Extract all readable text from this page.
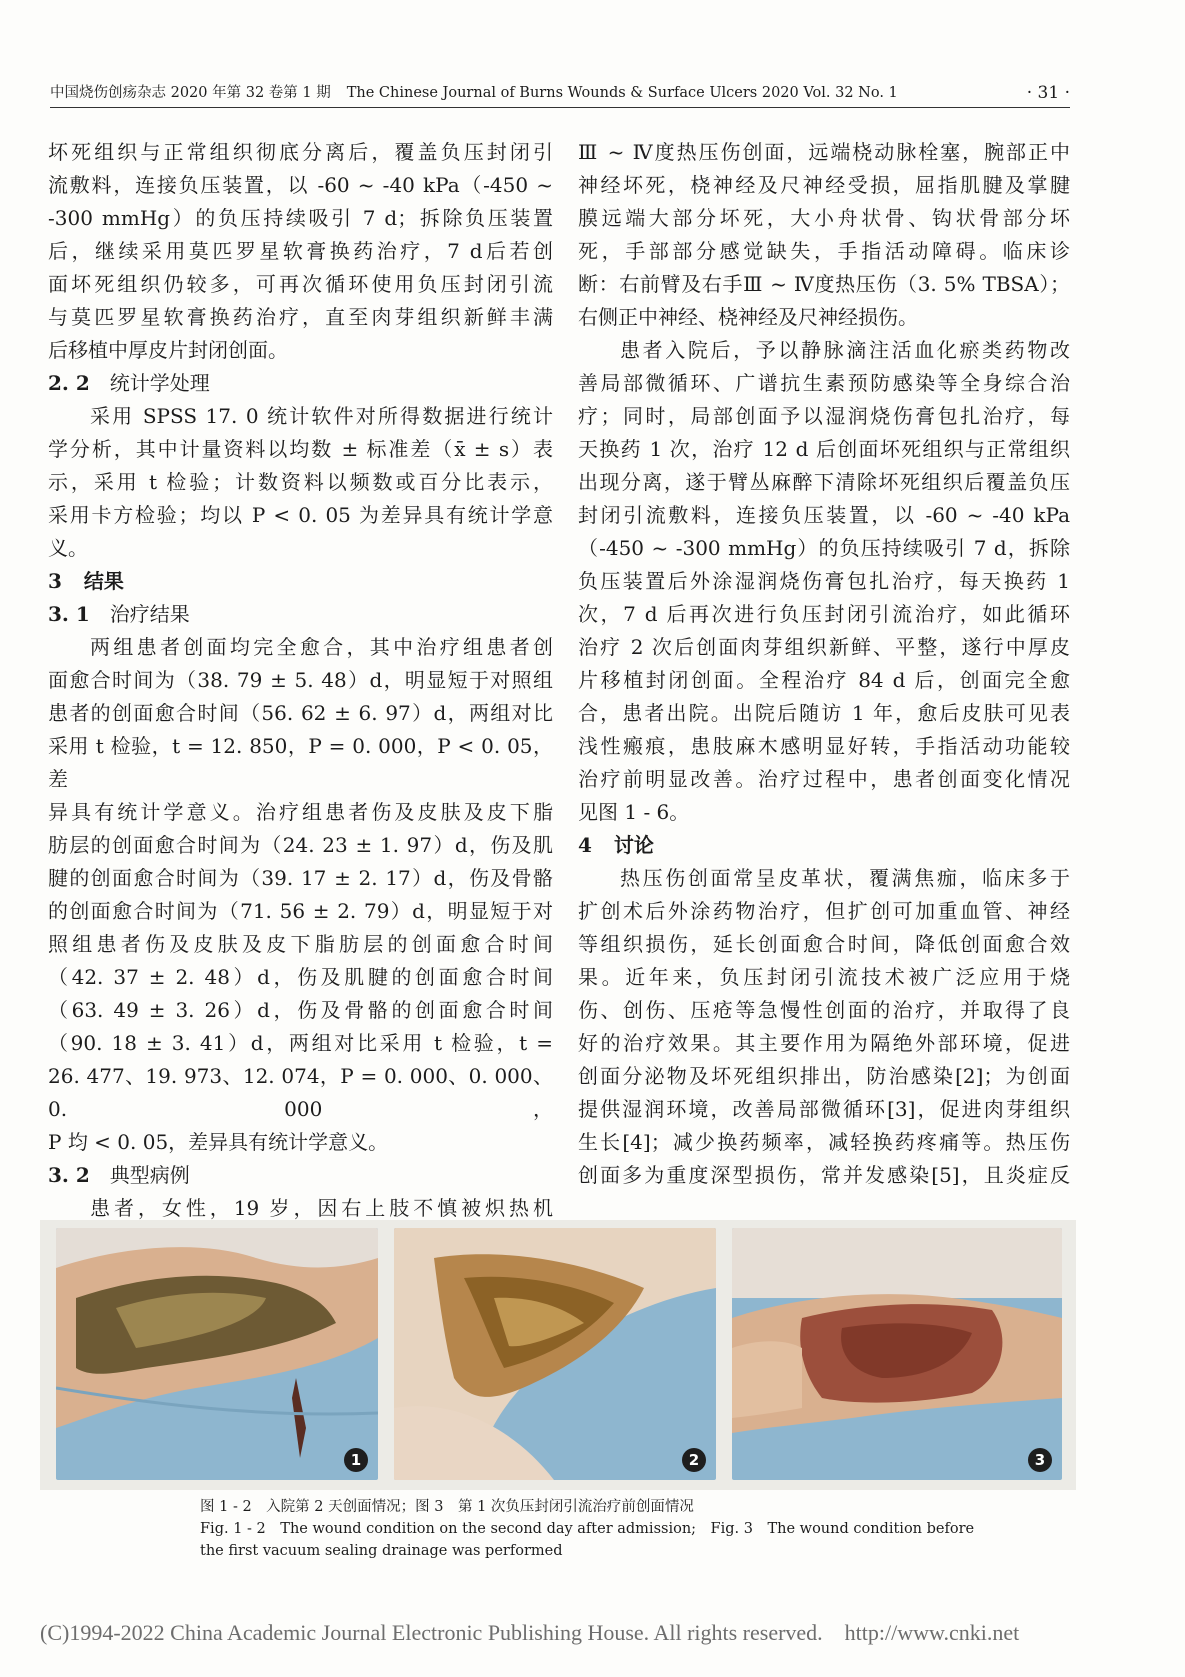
中国烧伤创疡杂志 2020 年第 32 卷第 1 期 The Chinese Journal of Burns Wounds & Surface Ulcers 2020 Vol. 32 No. 1	· 31 ·

坏死组织与正常组织彻底分离后，覆盖负压封闭引

流敷料，连接负压装置，以 -60 ~ -40 kPa（-450 ~

-300 mmHg）的负压持续吸引 7 d；拆除负压装置

后，继续采用莫匹罗星软膏换药治疗，7 d后若创

面坏死组织仍较多，可再次循环使用负压封闭引流

与莫匹罗星软膏换药治疗，直至肉芽组织新鲜丰满

后移植中厚皮片封闭创面。

2. 2 统计学处理

采用 SPSS 17. 0 统计软件对所得数据进行统计

学分析，其中计量资料以均数 ± 标准差（x̄ ± s）表

示，采用 t 检验；计数资料以频数或百分比表示，

采用卡方检验；均以 P < 0. 05 为差异具有统计学意义。

3 结果
3. 1 治疗结果

两组患者创面均完全愈合，其中治疗组患者创

面愈合时间为（38. 79 ± 5. 48）d，明显短于对照组

患者的创面愈合时间（56. 62 ± 6. 97）d，两组对比

采用 t 检验，t = 12. 850，P = 0. 000，P < 0. 05，差

异具有统计学意义。治疗组患者伤及皮肤及皮下脂

肪层的创面愈合时间为（24. 23 ± 1. 97）d，伤及肌

腱的创面愈合时间为（39. 17 ± 2. 17）d，伤及骨骼

的创面愈合时间为（71. 56 ± 2. 79）d，明显短于对

照组患者伤及皮肤及皮下脂肪层的创面愈合时间

（42. 37 ± 2. 48）d，伤及肌腱的创面愈合时间

（63. 49 ± 3. 26）d，伤及骨骼的创面愈合时间

（90. 18 ± 3. 41）d，两组对比采用 t 检验，t =

26. 477、19. 973、12. 074，P = 0. 000、0. 000、0. 000，

P 均 < 0. 05，差异具有统计学意义。

3. 2 典型病例

患者，女性，19 岁，因右上肢不慎被炽热机

Ⅲ ~ Ⅳ度热压伤创面，远端桡动脉栓塞，腕部正中

神经坏死，桡神经及尺神经受损，屈指肌腱及掌腱

膜远端大部分坏死，大小舟状骨、钩状骨部分坏

死，手部部分感觉缺失，手指活动障碍。临床诊

断：右前臂及右手Ⅲ ~ Ⅳ度热压伤（3. 5% TBSA）；

右侧正中神经、桡神经及尺神经损伤。

患者入院后，予以静脉滴注活血化瘀类药物改

善局部微循环、广谱抗生素预防感染等全身综合治

疗；同时，局部创面予以湿润烧伤膏包扎治疗，每

天换药 1 次，治疗 12 d 后创面坏死组织与正常组织

出现分离，遂于臂丛麻醉下清除坏死组织后覆盖负压

封闭引流敷料，连接负压装置，以 -60 ~ -40 kPa

（-450 ~ -300 mmHg）的负压持续吸引 7 d，拆除

负压装置后外涂湿润烧伤膏包扎治疗，每天换药 1

次，7 d 后再次进行负压封闭引流治疗，如此循环

治疗 2 次后创面肉芽组织新鲜、平整，遂行中厚皮

片移植封闭创面。全程治疗 84 d 后，创面完全愈

合，患者出院。出院后随访 1 年，愈后皮肤可见表

浅性瘢痕，患肢麻木感明显好转，手指活动功能较

治疗前明显改善。治疗过程中，患者创面变化情况

见图 1 - 6。

4 讨论

热压伤创面常呈皮革状，覆满焦痂，临床多于

扩创术后外涂药物治疗，但扩创可加重血管、神经

等组织损伤，延长创面愈合时间，降低创面愈合效

果。近年来，负压封闭引流技术被广泛应用于烧

伤、创伤、压疮等急慢性创面的治疗，并取得了良

好的治疗效果。其主要作用为隔绝外部环境，促进

创面分泌物及坏死组织排出，防治感染[2]；为创面

提供湿润环境，改善局部微循环[3]，促进肉芽组织

生长[4]；减少换药频率，减轻换药疼痛等。热压伤

创面多为重度深型损伤，常并发感染[5]，且炎症反

1	2	3
图 1 - 2　入院第 2 天创面情况；图 3　第 1 次负压封闭引流治疗前创面情况
Fig. 1 - 2　The wound condition on the second day after admission;　Fig. 3　The wound condition before
the first vacuum sealing drainage was performed
(C)1994-2022 China Academic Journal Electronic Publishing House. All rights reserved.　http://www.cnki.net
